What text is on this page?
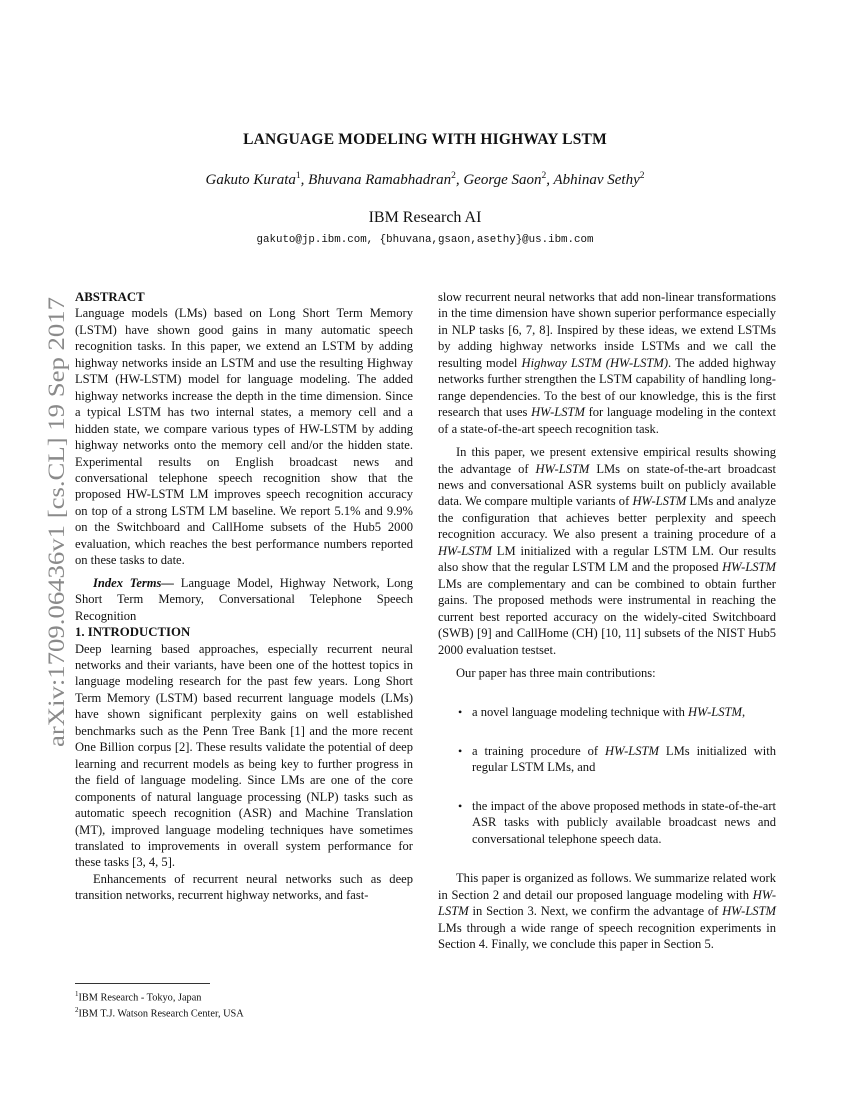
arXiv:1709.06436v1 [cs.CL] 19 Sep 2017
LANGUAGE MODELING WITH HIGHWAY LSTM
Gakuto Kurata$^1$, Bhuvana Ramabhadran$^2$, George Saon$^2$, Abhinav Sethy$^2$
IBM Research AI
gakuto@jp.ibm.com, {bhuvana,gsaon,asethy}@us.ibm.com

ABSTRACT

Language models (LMs) based on Long Short Term Memory (LSTM) have shown good gains in many automatic speech recognition tasks. In this paper, we extend an LSTM by adding highway networks inside an LSTM and use the resulting Highway LSTM (HW-LSTM) model for language modeling. The added highway networks increase the depth in the time dimension. Since a typical LSTM has two internal states, a memory cell and a hidden state, we compare various types of HW-LSTM by adding highway networks onto the memory cell and/or the hidden state. Experimental results on English broadcast news and conversational telephone speech recognition show that the proposed HW-LSTM LM improves speech recognition accuracy on top of a strong LSTM LM baseline. We report 5.1% and 9.9% on the Switchboard and CallHome subsets of the Hub5 2000 evaluation, which reaches the best performance numbers reported on these tasks to date.

Index Terms— Language Model, Highway Network, Long Short Term Memory, Conversational Telephone Speech Recognition

1. INTRODUCTION

Deep learning based approaches, especially recurrent neural networks and their variants, have been one of the hottest topics in language modeling research for the past few years. Long Short Term Memory (LSTM) based recurrent language models (LMs) have shown significant perplexity gains on well established benchmarks such as the Penn Tree Bank [1] and the more recent One Billion corpus [2]. These results validate the potential of deep learning and recurrent models as being key to further progress in the field of language modeling. Since LMs are one of the core components of natural language processing (NLP) tasks such as automatic speech recognition (ASR) and Machine Translation (MT), improved language modeling techniques have sometimes translated to improvements in overall system performance for these tasks [3, 4, 5].

Enhancements of recurrent neural networks such as deep transition networks, recurrent highway networks, and fast-

slow recurrent neural networks that add non-linear transformations in the time dimension have shown superior performance especially in NLP tasks [6, 7, 8]. Inspired by these ideas, we extend LSTMs by adding highway networks inside LSTMs and we call the resulting model Highway LSTM (HW-LSTM). The added highway networks further strengthen the LSTM capability of handling long-range dependencies. To the best of our knowledge, this is the first research that uses HW-LSTM for language modeling in the context of a state-of-the-art speech recognition task.

In this paper, we present extensive empirical results showing the advantage of HW-LSTM LMs on state-of-the-art broadcast news and conversational ASR systems built on publicly available data. We compare multiple variants of HW-LSTM LMs and analyze the configuration that achieves better perplexity and speech recognition accuracy. We also present a training procedure of a HW-LSTM LM initialized with a regular LSTM LM. Our results also show that the regular LSTM LM and the proposed HW-LSTM LMs are complementary and can be combined to obtain further gains. The proposed methods were instrumental in reaching the current best reported accuracy on the widely-cited Switchboard (SWB) [9] and CallHome (CH) [10, 11] subsets of the NIST Hub5 2000 evaluation testset.

Our paper has three main contributions:

• a novel language modeling technique with HW-LSTM,
• a training procedure of HW-LSTM LMs initialized with regular LSTM LMs, and
• the impact of the above proposed methods in state-of-the-art ASR tasks with publicly available broadcast news and conversational telephone speech data.

This paper is organized as follows. We summarize related work in Section 2 and detail our proposed language modeling with HW-LSTM in Section 3. Next, we confirm the advantage of HW-LSTM LMs through a wide range of speech recognition experiments in Section 4. Finally, we conclude this paper in Section 5.

$^1$IBM Research - Tokyo, Japan
$^2$IBM T.J. Watson Research Center, USA
